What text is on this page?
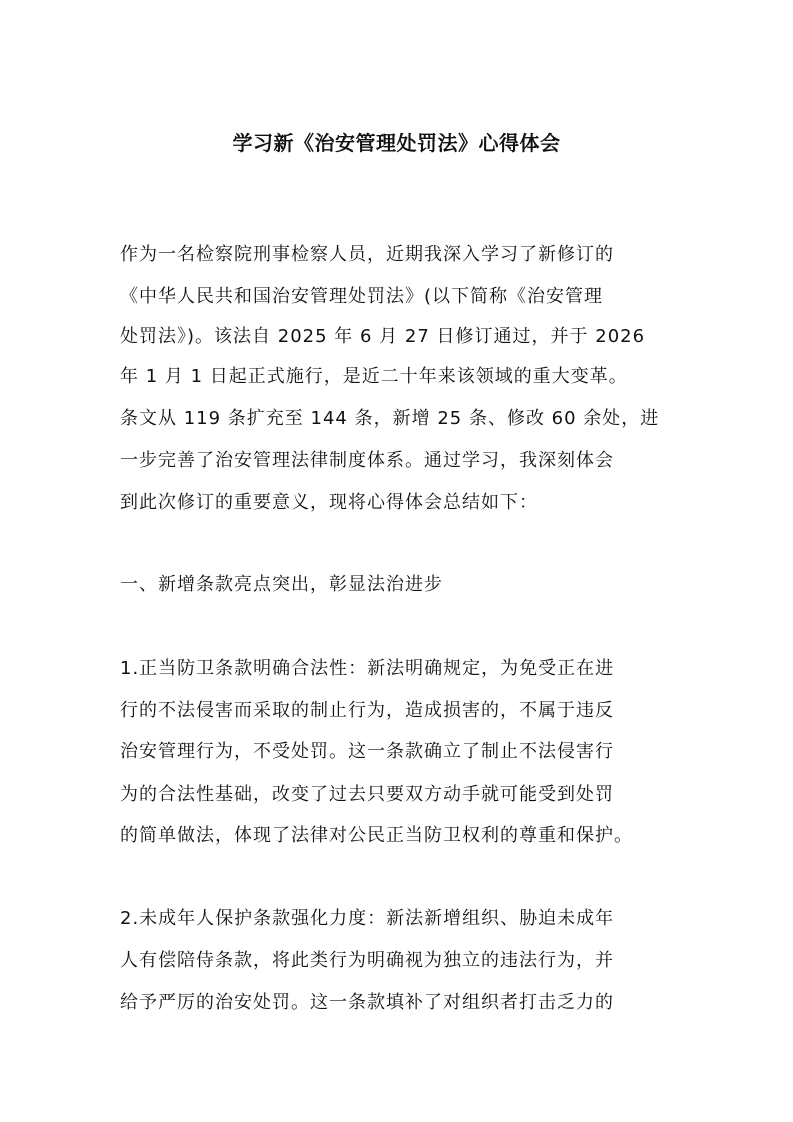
学习新《治安管理处罚法》心得体会
作为一名检察院刑事检察人员，近期我深入学习了新修订的
《中华人民共和国治安管理处罚法》(以下简称《治安管理
处罚法》)。该法自 2025 年 6 月 27 日修订通过，并于 2026
年 1 月 1 日起正式施行，是近二十年来该领域的重大变革。
条文从 119 条扩充至 144 条，新增 25 条、修改 60 余处，进
一步完善了治安管理法律制度体系。通过学习，我深刻体会
到此次修订的重要意义，现将心得体会总结如下：
一、新增条款亮点突出，彰显法治进步
1.正当防卫条款明确合法性：新法明确规定，为免受正在进
行的不法侵害而采取的制止行为，造成损害的，不属于违反
治安管理行为，不受处罚。这一条款确立了制止不法侵害行
为的合法性基础，改变了过去只要双方动手就可能受到处罚
的简单做法，体现了法律对公民正当防卫权利的尊重和保护。
2.未成年人保护条款强化力度：新法新增组织、胁迫未成年
人有偿陪侍条款，将此类行为明确视为独立的违法行为，并
给予严厉的治安处罚。这一条款填补了对组织者打击乏力的
